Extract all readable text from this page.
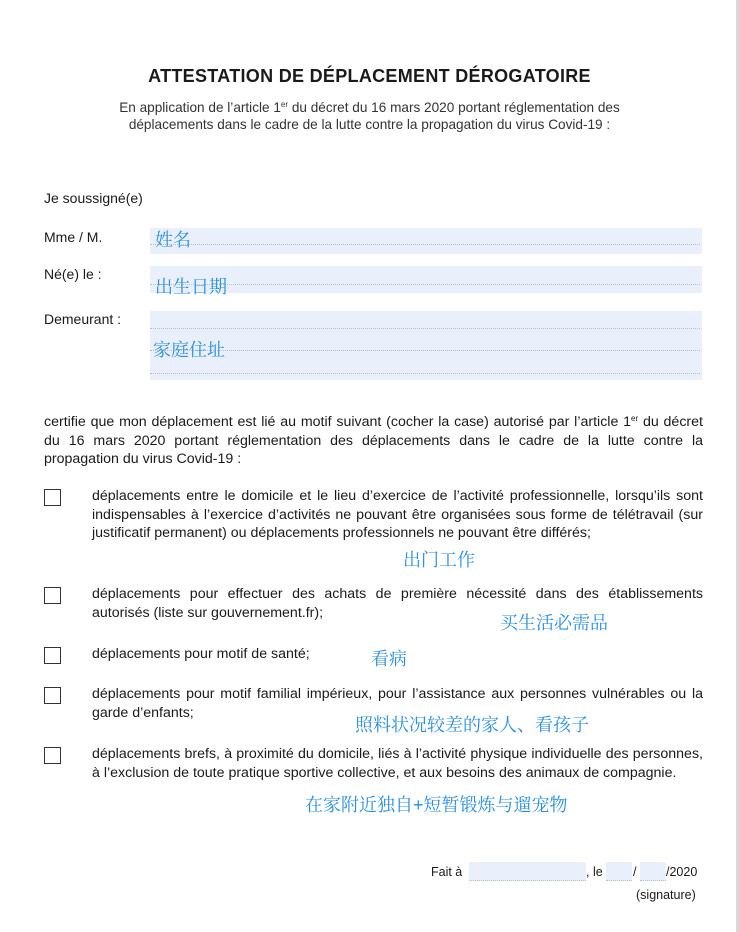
ATTESTATION DE DÉPLACEMENT DÉROGATOIRE
En application de l’article 1er du décret du 16 mars 2020 portant réglementation des
déplacements dans le cadre de la lutte contre la propagation du virus Covid-19 :
Je soussigné(e)
Mme / M.	姓名
Né(e) le :
出生日期
Demeurant :
家庭住址
certifie que mon déplacement est lié au motif suivant (cocher la case) autorisé par l’article 1er du décret du 16 mars 2020 portant réglementation des déplacements dans le cadre de la lutte contre la propagation du virus Covid-19 :
déplacements entre le domicile et le lieu d’exercice de l’activité professionnelle, lorsqu’ils sont indispensables à l’exercice d’activités ne pouvant être organisées sous forme de télétravail (sur justificatif permanent) ou déplacements professionnels ne pouvant être différés;
出门工作
déplacements pour effectuer des achats de première nécessité dans des établissements autorisés (liste sur gouvernement.fr);
买生活必需品
déplacements pour motif de santé;	看病
déplacements pour motif familial impérieux, pour l’assistance aux personnes vulnérables ou la garde d’enfants;
照料状况较差的家人、看孩子
déplacements brefs, à proximité du domicile, liés à l’activité physique individuelle des personnes, à l’exclusion de toute pratique sportive collective, et aux besoins des animaux de compagnie.
在家附近独自+短暂锻炼与遛宠物
Fait à	, le / /2020
(signature)
